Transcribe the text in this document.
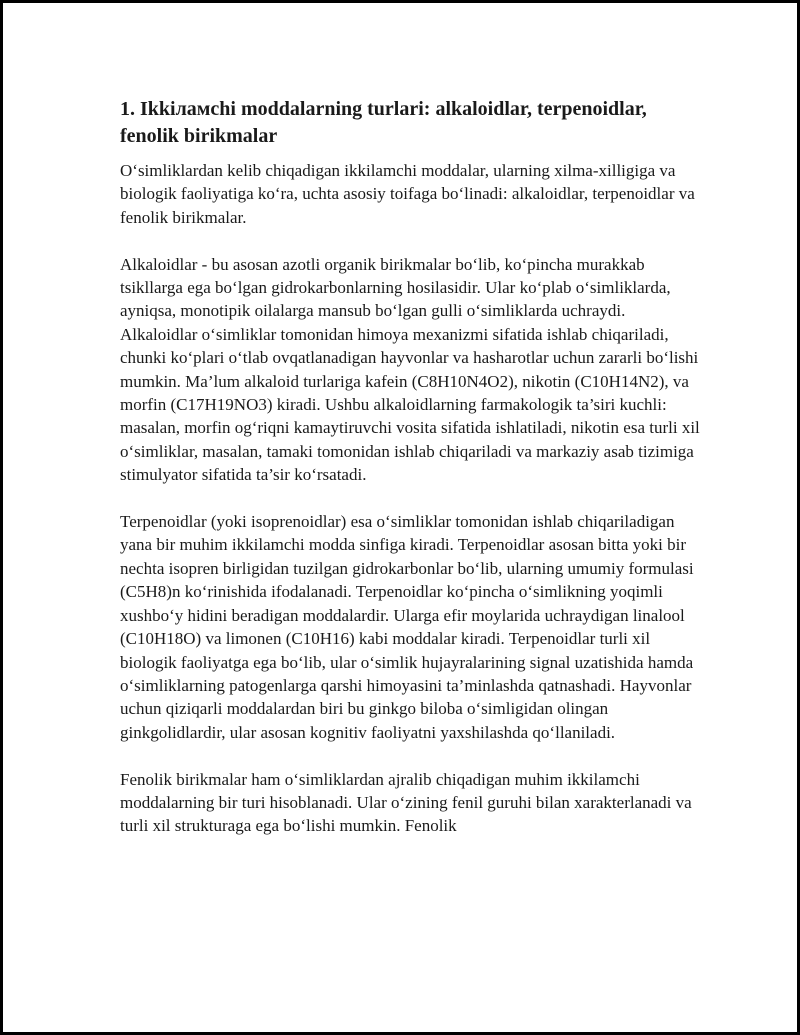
1. Ikkiламchi moddalarning turlari: alkaloidlar, terpenoidlar, fenolik birikmalar

O‘simliklardan kelib chiqadigan ikkilamchi moddalar, ularning xilma-xilligiga va biologik faoliyatiga ko‘ra, uchta asosiy toifaga bo‘linadi: alkaloidlar, terpenoidlar va fenolik birikmalar.

Alkaloidlar - bu asosan azotli organik birikmalar bo‘lib, ko‘pincha murakkab tsikllarga ega bo‘lgan gidrokarbonlarning hosilasidir. Ular ko‘plab o‘simliklarda, ayniqsa, monotipik oilalarga mansub bo‘lgan gulli o‘simliklarda uchraydi. Alkaloidlar o‘simliklar tomonidan himoya mexanizmi sifatida ishlab chiqariladi, chunki ko‘plari o‘tlab ovqatlanadigan hayvonlar va hasharotlar uchun zararli bo‘lishi mumkin. Ma’lum alkaloid turlariga kafein (C8H10N4O2), nikotin (C10H14N2), va morfin (C17H19NO3) kiradi. Ushbu alkaloidlarning farmakologik ta’siri kuchli: masalan, morfin og‘riqni kamaytiruvchi vosita sifatida ishlatiladi, nikotin esa turli xil o‘simliklar, masalan, tamaki tomonidan ishlab chiqariladi va markaziy asab tizimiga stimulyator sifatida ta’sir ko‘rsatadi.

Terpenoidlar (yoki isoprenoidlar) esa o‘simliklar tomonidan ishlab chiqariladigan yana bir muhim ikkilamchi modda sinfiga kiradi. Terpenoidlar asosan bitta yoki bir nechta isopren birligidan tuzilgan gidrokarbonlar bo‘lib, ularning umumiy formulasi (C5H8)n ko‘rinishida ifodalanadi. Terpenoidlar ko‘pincha o‘simlikning yoqimli xushbo‘y hidini beradigan moddalardir. Ularga efir moylarida uchraydigan linalool (C10H18O) va limonen (C10H16) kabi moddalar kiradi. Terpenoidlar turli xil biologik faoliyatga ega bo‘lib, ular o‘simlik hujayralarining signal uzatishida hamda o‘simliklarning patogenlarga qarshi himoyasini ta’minlashda qatnashadi. Hayvonlar uchun qiziqarli moddalardan biri bu ginkgo biloba o‘simligidan olingan ginkgolidlardir, ular asosan kognitiv faoliyatni yaxshilashda qo‘llaniladi.

Fenolik birikmalar ham o‘simliklardan ajralib chiqadigan muhim ikkilamchi moddalarning bir turi hisoblanadi. Ular o‘zining fenil guruhi bilan xarakterlanadi va turli xil strukturaga ega bo‘lishi mumkin. Fenolik
